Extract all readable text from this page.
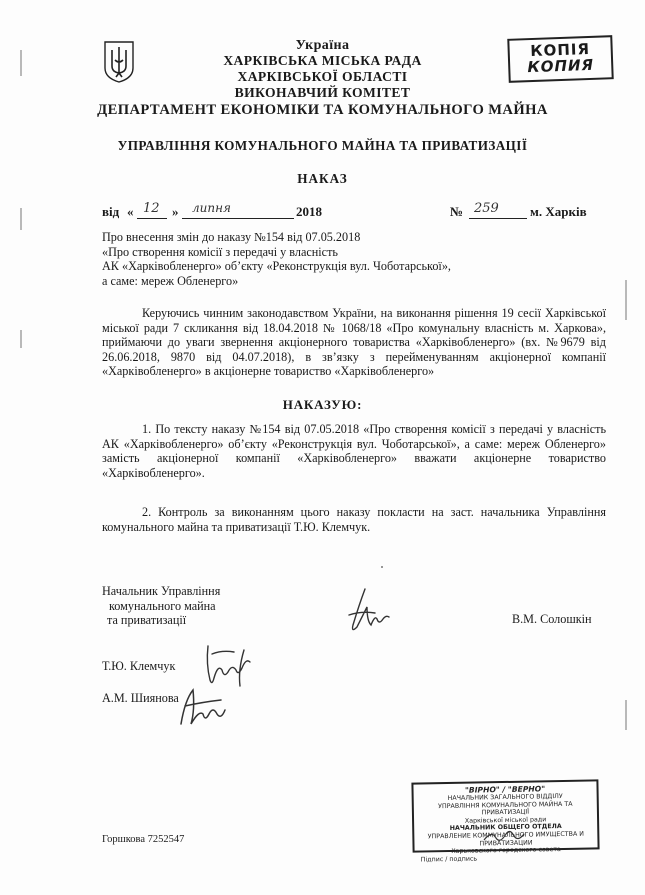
Україна
ХАРКІВСЬКА МІСЬКА РАДА
ХАРКІВСЬКОЇ ОБЛАСТІ
ВИКОНАВЧИЙ КОМІТЕТ
ДЕПАРТАМЕНТ ЕКОНОМІКИ ТА КОМУНАЛЬНОГО МАЙНА
УПРАВЛІННЯ КОМУНАЛЬНОГО МАЙНА ТА ПРИВАТИЗАЦІЇ
НАКАЗ
КОПІЯ
КОПИЯ
від « 12 » липня	2018	№ 259 м. Харків
Про внесення змін до наказу №154 від 07.05.2018
«Про створення комісії з передачі у власність
АК «Харківобленерго» об’єкту «Реконструкція вул. Чоботарської»,
а саме: мереж Обленерго»
Керуючись чинним законодавством України, на виконання рішення 19 сесії Харківської міської ради 7 скликання від 18.04.2018 № 1068/18 «Про комунальну власність м. Харкова», приймаючи до уваги звернення акціонерного товариства «Харківобленерго» (вх. №9679 від 26.06.2018, 9870 від 04.07.2018), в зв’язку з перейменуванням акціонерної компанії «Харківобленерго» в акціонерне товариство «Харківобленерго»
НАКАЗУЮ:
1. По тексту наказу №154 від 07.05.2018 «Про створення комісії з передачі у власність АК «Харківобленерго» об’єкту «Реконструкція вул. Чоботарської», а саме: мереж Обленерго» замість акціонерної компанії «Харківобленерго» вважати акціонерне товариство «Харківобленерго».
2. Контроль за виконанням цього наказу покласти на заст. начальника Управління комунального майна та приватизації Т.Ю. Клемчук.
Начальник Управління
комунального майна
та приватизації	В.М. Солошкін
Т.Ю. Клемчук
А.М. Шиянова
"ВІРНО" / "ВЕРНО"
НАЧАЛЬНИК ЗАГАЛЬНОГО ВІДДІЛУ
УПРАВЛІННЯ КОМУНАЛЬНОГО МАЙНА ТА ПРИВАТИЗАЦІЇ
Харківської міської ради
НАЧАЛЬНИК ОБЩЕГО ОТДЕЛА
УПРАВЛЕНИЕ КОММУНАЛЬНОГО ИМУЩЕСТВА И ПРИВАТИЗАЦИИ
Харьковского городского совета
Підпис / подпись
Горшкова 7252547
